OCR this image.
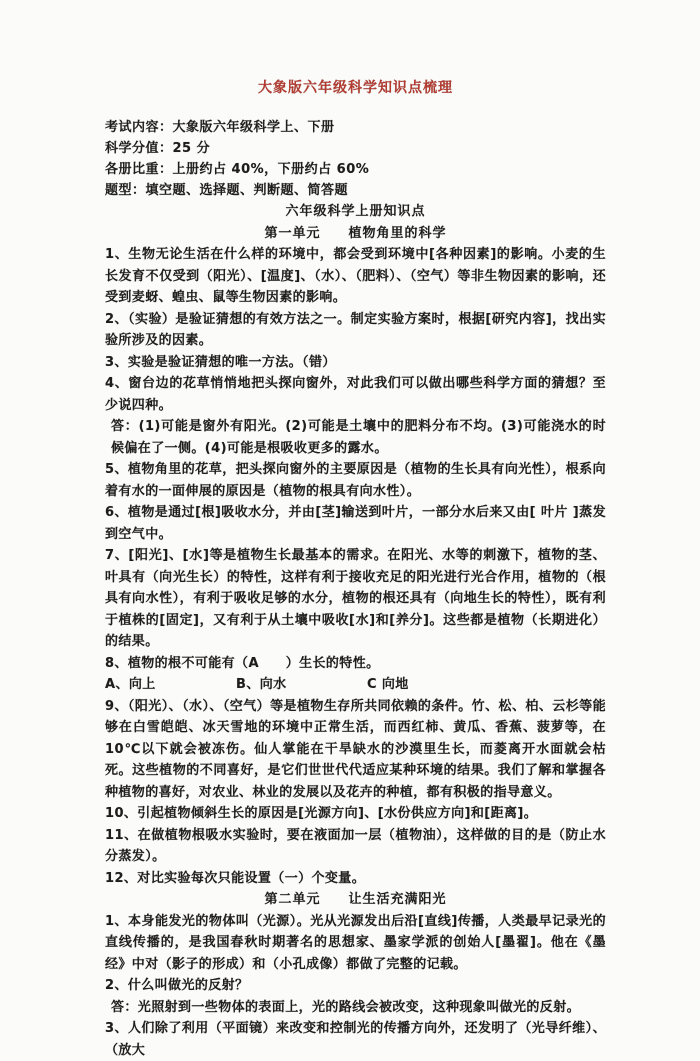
大象版六年级科学知识点梳理
考试内容：大象版六年级科学上、下册
科学分值：25 分
各册比重：上册约占 40%，下册约占 60%
题型：填空题、选择题、判断题、简答题

六年级科学上册知识点

第一单元　　植物角里的科学

1、生物无论生活在什么样的环境中，都会受到环境中[各种因素]的影响。小麦的生长发育不仅受到（阳光）、[温度]、（水）、（肥料）、（空气）等非生物因素的影响，还受到麦蚜、蝗虫、鼠等生物因素的影响。

2、（实验）是验证猜想的有效方法之一。制定实验方案时，根据[研究内容]，找出实验所涉及的因素。

3、实验是验证猜想的唯一方法。（错）

4、窗台边的花草悄悄地把头探向窗外，对此我们可以做出哪些科学方面的猜想？至少说四种。

答：(1)可能是窗外有阳光。(2)可能是土壤中的肥料分布不均。(3)可能浇水的时候偏在了一侧。(4)可能是根吸收更多的露水。

5、植物角里的花草，把头探向窗外的主要原因是（植物的生长具有向光性），根系向着有水的一面伸展的原因是（植物的根具有向水性）。

6、植物是通过[根]吸收水分，并由[茎]输送到叶片，一部分水后来又由[ 叶片 ]蒸发到空气中。

7、[阳光]、[水]等是植物生长最基本的需求。在阳光、水等的刺激下，植物的茎、叶具有（向光生长）的特性，这样有利于接收充足的阳光进行光合作用，植物的（根具有向水性），有利于吸收足够的水分，植物的根还具有（向地生长的特性），既有利于植株的[固定]，又有利于从土壤中吸收[水]和[养分]。这些都是植物（长期进化）的结果。

8、植物的根不可能有（A　　）生长的特性。

A、向上　　　　　　B、向水　　　　　　C 向地

9、（阳光）、（水）、（空气）等是植物生存所共同依赖的条件。竹、松、柏、云杉等能够在白雪皑皑、冰天雪地的环境中正常生活，而西红柿、黄瓜、香蕉、菠萝等，在 10℃以下就会被冻伤。仙人掌能在干旱缺水的沙漠里生长，而菱离开水面就会枯死。这些植物的不同喜好，是它们世世代代适应某种环境的结果。我们了解和掌握各种植物的喜好，对农业、林业的发展以及花卉的种植，都有积极的指导意义。

10、引起植物倾斜生长的原因是[光源方向]、[水份供应方向]和[距离]。

11、在做植物根吸水实验时，要在液面加一层（植物油），这样做的目的是（防止水分蒸发）。

12、对比实验每次只能设置（一）个变量。

第二单元　　让生活充满阳光

1、本身能发光的物体叫（光源）。光从光源发出后沿[直线]传播，人类最早记录光的直线传播的，是我国春秋时期著名的思想家、墨家学派的创始人[墨翟]。他在《墨经》中对（影子的形成）和（小孔成像）都做了完整的记载。

2、什么叫做光的反射？

答：光照射到一些物体的表面上，光的路线会被改变，这种现象叫做光的反射。

3、人们除了利用（平面镜）来改变和控制光的传播方向外，还发明了（光导纤维）、（放大
